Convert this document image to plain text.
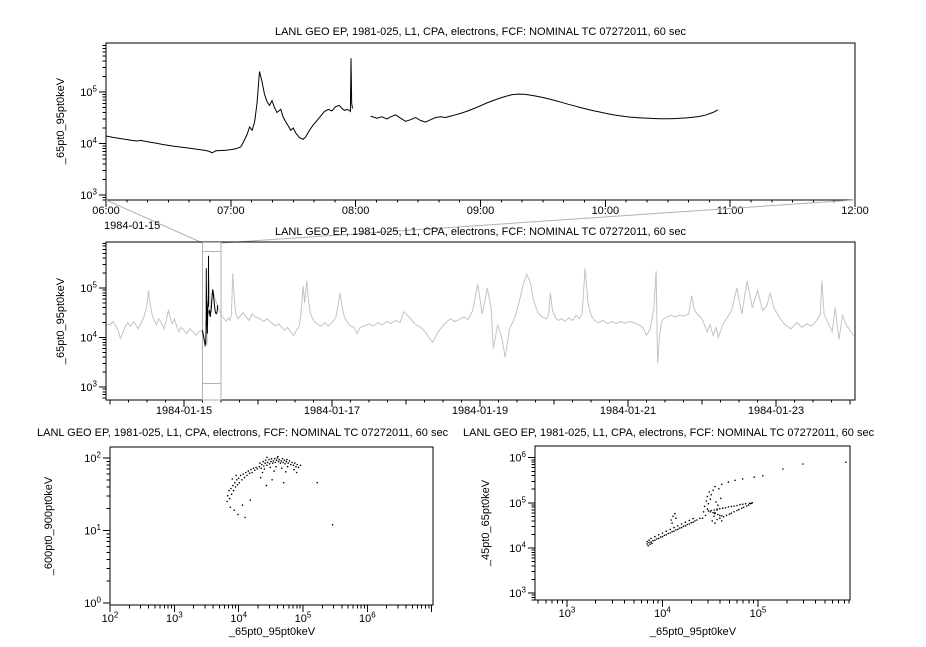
$10^3$
$10^4$
$10^5$
06:00	07:00	08:00	09:00	10:00	11:00	12:00
$10^3$
$10^4$
$10^5$
1984-01-15	1984-01-17	1984-01-19	1984-01-21	1984-01-23
$10^0$
$10^1$
$10^2$
$10^2$	$10^3$	$10^4$	$10^5$	$10^6$
$10^3$
$10^4$
$10^5$
$10^6$
$10^3$	$10^4$	$10^5$
LANL GEO EP, 1981-025, L1, CPA, electrons, FCF: NOMINAL TC 07272011, 60 sec
LANL GEO EP, 1981-025, L1, CPA, electrons, FCF: NOMINAL TC 07272011, 60 sec
LANL GEO EP, 1981-025, L1, CPA, electrons, FCF: NOMINAL TC 07272011, 60 sec LANL GEO EP, 1981-025, L1, CPA, electrons, FCF: NOMINAL TC 07272011, 60 sec
1984-01-15
_65pt0_95pt0keV
_65pt0_95pt0keV
_600pt0_900pt0keV	_45pt0_65pt0keV
_65pt0_95pt0keV	_65pt0_95pt0keV
